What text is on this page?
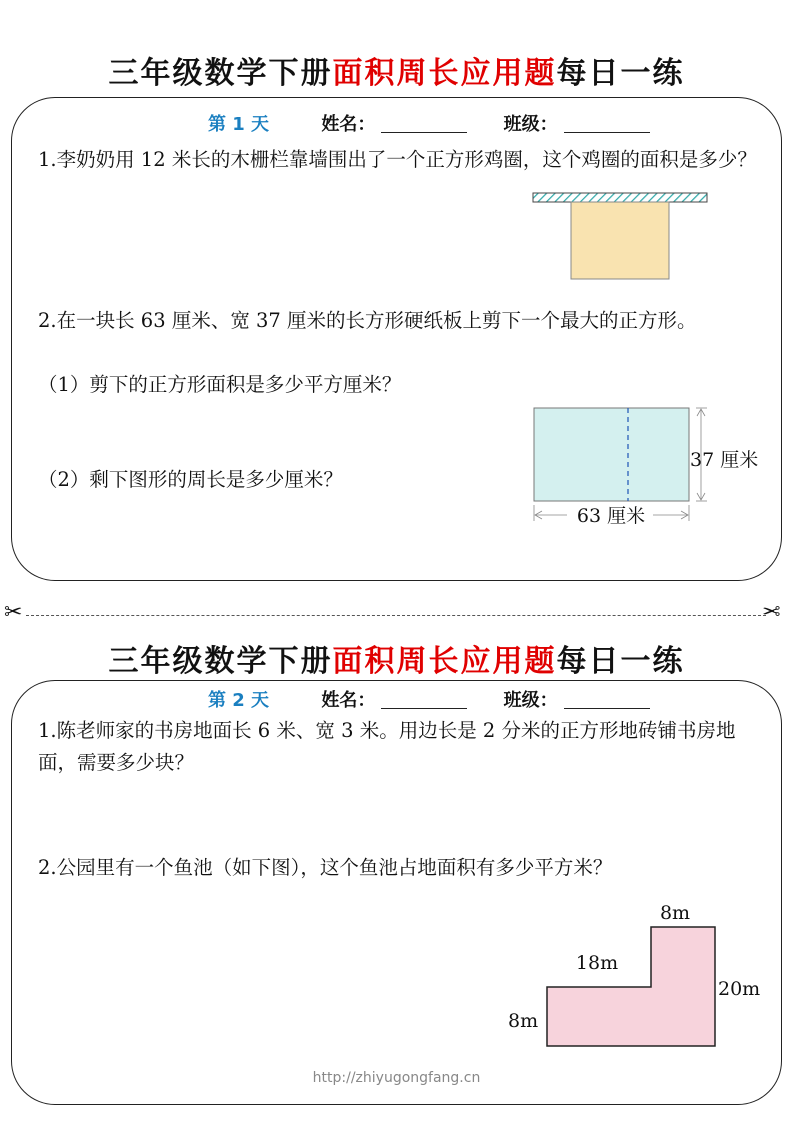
三年级数学下册面积周长应用题每日一练
第 1 天	姓名：	班级：
1.李奶奶用 12 米长的木栅栏靠墙围出了一个正方形鸡圈，这个鸡圈的面积是多少？
2.在一块长 63 厘米、宽 37 厘米的长方形硬纸板上剪下一个最大的正方形。
（1）剪下的正方形面积是多少平方厘米？
（2）剩下图形的周长是多少厘米？
63 厘米
37 厘米
✂	✂
三年级数学下册面积周长应用题每日一练
第 2 天	姓名：	班级：
1.陈老师家的书房地面长 6 米、宽 3 米。用边长是 2 分米的正方形地砖铺书房地面，需要多少块？
2.公园里有一个鱼池（如下图），这个鱼池占地面积有多少平方米？
8m
18m
20m
8m
http://zhiyugongfang.cn
